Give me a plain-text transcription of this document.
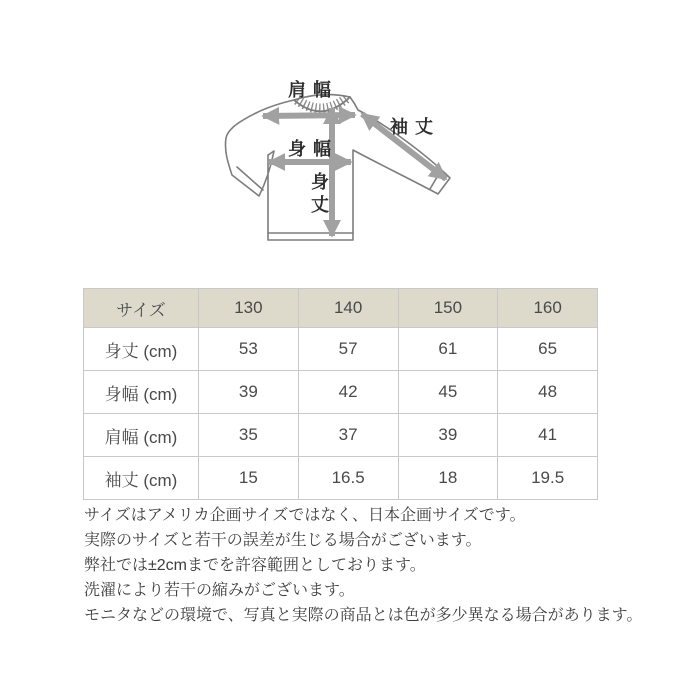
肩幅
袖丈
身幅
身
丈
サイズ	130	140	150	160
身丈 (cm)	53	57	61	65
身幅 (cm)	39	42	45	48
肩幅 (cm)	35	37	39	41
袖丈 (cm)	15	16.5	18	19.5

サイズはアメリカ企画サイズではなく、日本企画サイズです。

実際のサイズと若干の誤差が生じる場合がございます。

弊社では±2cmまでを許容範囲としております。

洗濯により若干の縮みがございます。

モニタなどの環境で、写真と実際の商品とは色が多少異なる場合があります。
